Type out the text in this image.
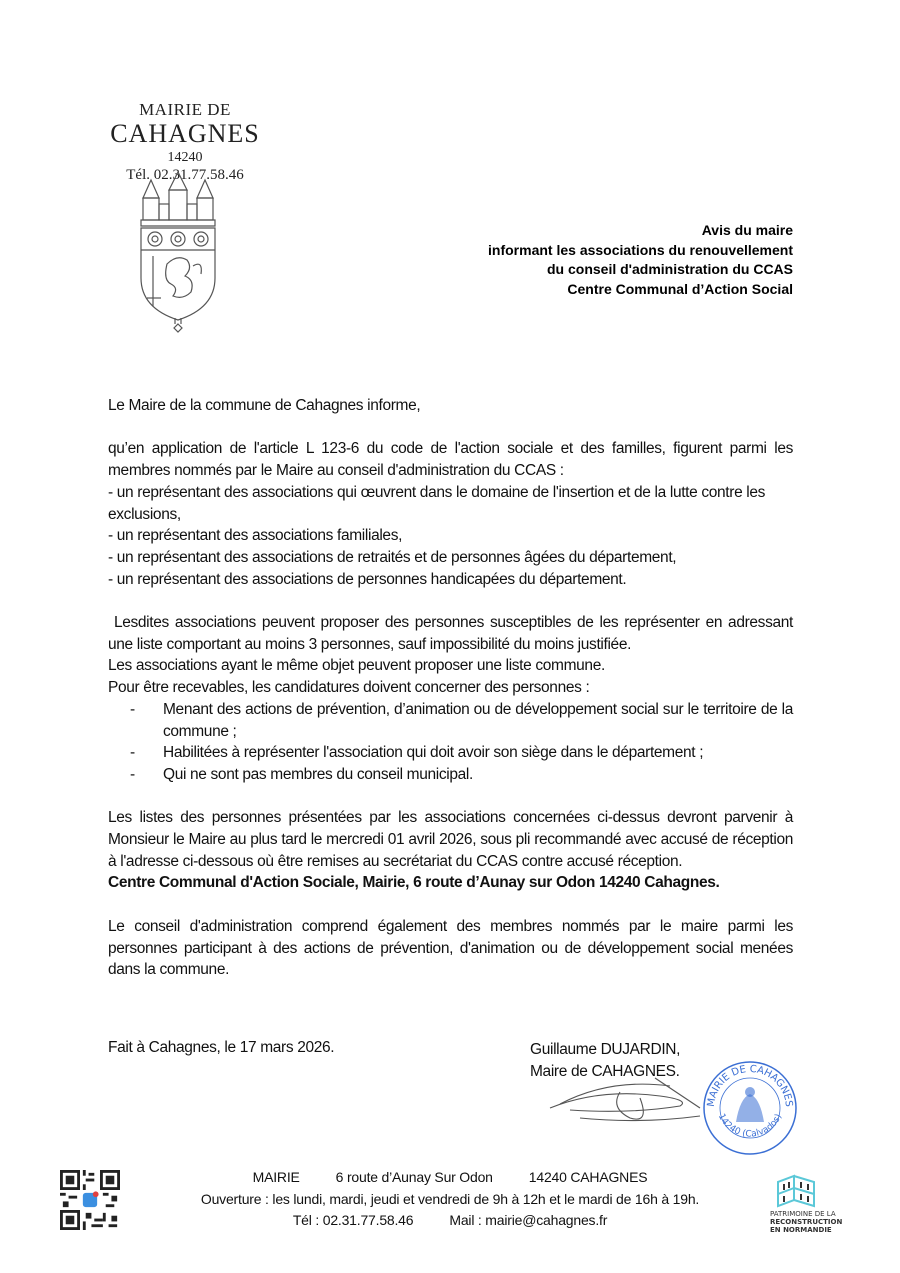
MAIRIE DE
CAHAGNES
14240
Tél. 02.31.77.58.46
Avis du maire
informant les associations du renouvellement
du conseil d'administration du CCAS
Centre Communal d’Action Social

Le Maire de la commune de Cahagnes informe,

qu’en application de l'article L 123-6 du code de l'action sociale et des familles, figurent parmi les membres nommés par le Maire au conseil d'administration du CCAS :

- un représentant des associations qui œuvrent dans le domaine de l'insertion et de la lutte contre les exclusions,

- un représentant des associations familiales,

- un représentant des associations de retraités et de personnes âgées du département,

- un représentant des associations de personnes handicapées du département.

Lesdites associations peuvent proposer des personnes susceptibles de les représenter en adressant une liste comportant au moins 3 personnes, sauf impossibilité du moins justifiée.

Les associations ayant le même objet peuvent proposer une liste commune.

Pour être recevables, les candidatures doivent concerner des personnes :

- Menant des actions de prévention, d’animation ou de développement social sur le territoire de la commune ;
- Habilitées à représenter l'association qui doit avoir son siège dans le département ;
- Qui ne sont pas membres du conseil municipal.

Les listes des personnes présentées par les associations concernées ci-dessus devront parvenir à Monsieur le Maire au plus tard le mercredi 01 avril 2026, sous pli recommandé avec accusé de réception à l'adresse ci-dessous où être remises au secrétariat du CCAS contre accusé réception.

Centre Communal d'Action Sociale, Mairie, 6 route d’Aunay sur Odon 14240 Cahagnes.

Le conseil d'administration comprend également des membres nommés par le maire parmi les personnes participant à des actions de prévention, d'animation ou de développement social menées dans la commune.

Fait à Cahagnes, le 17 mars 2026.	Guillaume DUJARDIN,
Maire de CAHAGNES.
MAIRIE DE CAHAGNES
14240 (Calvados)
MAIRIE	6 route d’Aunay Sur Odon	14240 CAHAGNES
Ouverture : les lundi, mardi, jeudi et vendredi de 9h à 12h et le mardi de 16h à 19h.
Tél : 02.31.77.58.46	Mail : mairie@cahagnes.fr	PATRIMOINE DE LA
RECONSTRUCTION
EN NORMANDIE
